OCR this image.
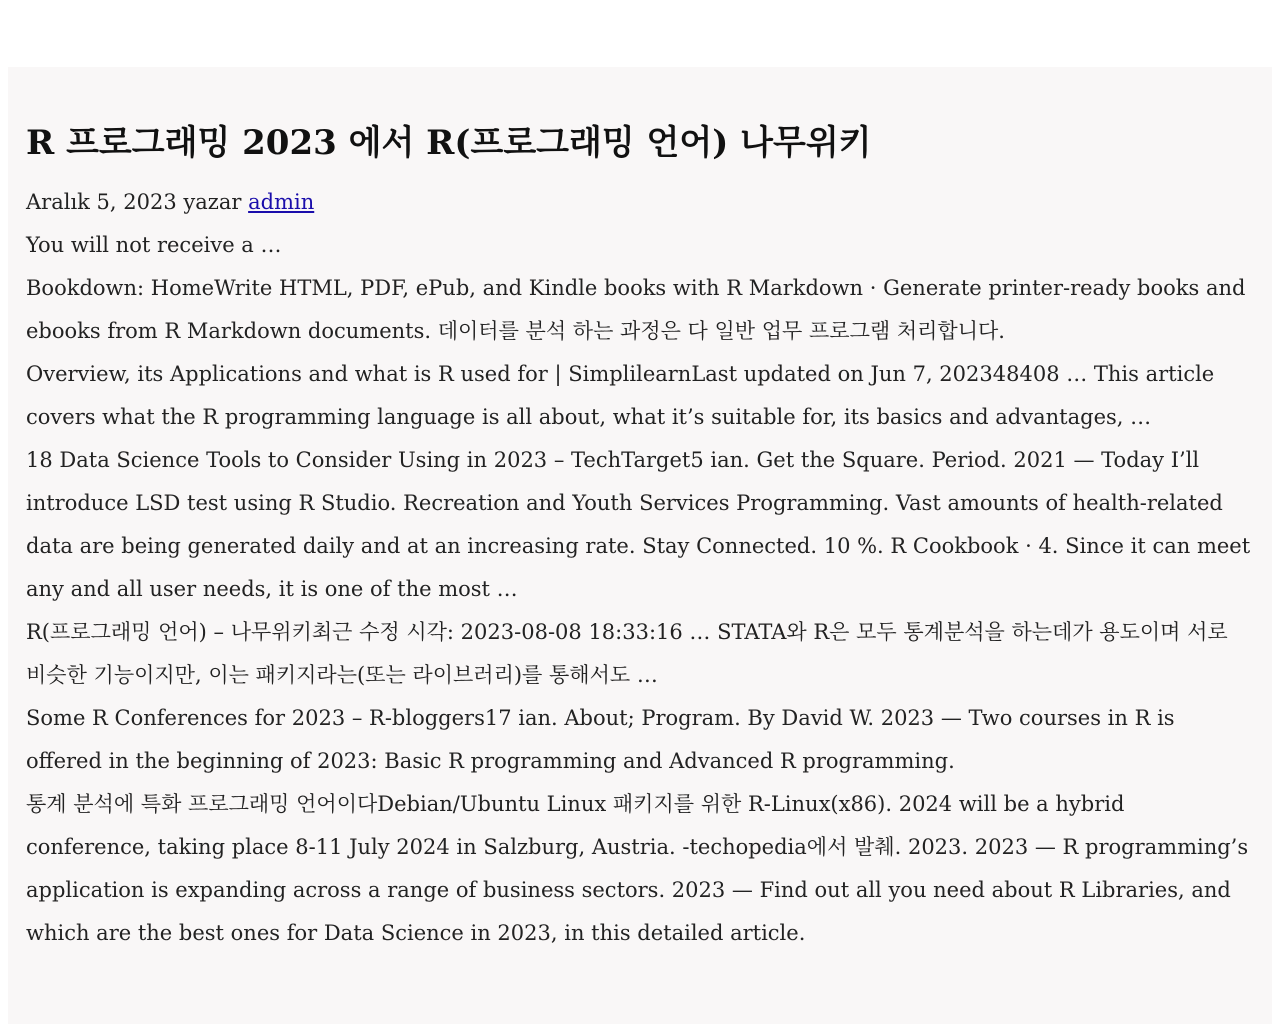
R 프로그래밍 2023 에서 R(프로그래밍 언어) 나무위키

Aralık 5, 2023 yazar admin

You will not receive a …

Bookdown: HomeWrite HTML, PDF, ePub, and Kindle books with R Markdown · Generate printer-ready books and ebooks from R Markdown documents. 데이터를 분석 하는 과정은 다 일반 업무 프로그램 처리합니다.

Overview, its Applications and what is R used for | SimplilearnLast updated on Jun 7, 202348408 … This article covers what the R programming language is all about, what it’s suitable for, its basics and advantages, …

18 Data Science Tools to Consider Using in 2023 – TechTarget5 ian. Get the Square. Period. 2021 — Today I’ll introduce LSD test using R Studio. Recreation and Youth Services Programming. Vast amounts of health-related data are being generated daily and at an increasing rate. Stay Connected. 10 %. R Cookbook · 4. Since it can meet any and all user needs, it is one of the most …

R(프로그래밍 언어) – 나무위키최근 수정 시각: 2023-08-08 18:33:16 … STATA와 R은 모두 통계분석을 하는데가 용도이며 서로 비슷한 기능이지만, 이는 패키지라는(또는 라이브러리)를 통해서도 …

Some R Conferences for 2023 – R-bloggers17 ian. About; Program. By David W. 2023 — Two courses in R is offered in the beginning of 2023: Basic R programming and Advanced R programming.

통계 분석에 특화 프로그래밍 언어이다Debian/Ubuntu Linux 패키지를 위한 R-Linux(x86). 2024 will be a hybrid conference, taking place 8-11 July 2024 in Salzburg, Austria. -techopedia에서 발췌. 2023. 2023 — R programming’s application is expanding across a range of business sectors. 2023 — Find out all you need about R Libraries, and which are the best ones for Data Science in 2023, in this detailed article.
